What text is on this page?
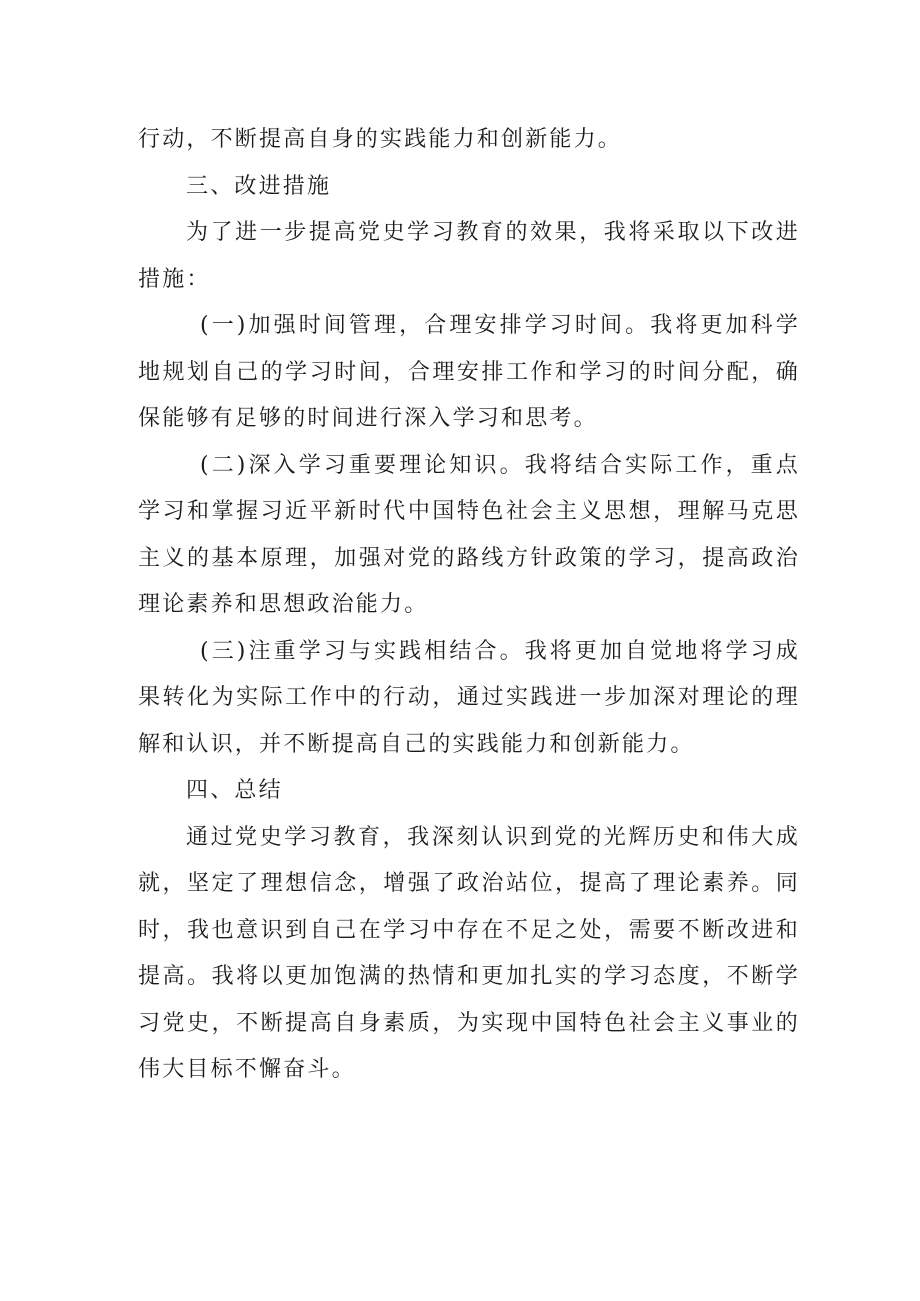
行动，不断提高自身的实践能力和创新能力。

三、改进措施

为了进一步提高党史学习教育的效果，我将采取以下改进措施：

(一)加强时间管理，合理安排学习时间。我将更加科学地规划自己的学习时间，合理安排工作和学习的时间分配，确保能够有足够的时间进行深入学习和思考。

(二)深入学习重要理论知识。我将结合实际工作，重点学习和掌握习近平新时代中国特色社会主义思想，理解马克思主义的基本原理，加强对党的路线方针政策的学习，提高政治理论素养和思想政治能力。

(三)注重学习与实践相结合。我将更加自觉地将学习成果转化为实际工作中的行动，通过实践进一步加深对理论的理解和认识，并不断提高自己的实践能力和创新能力。

四、总结

通过党史学习教育，我深刻认识到党的光辉历史和伟大成就，坚定了理想信念，增强了政治站位，提高了理论素养。同时，我也意识到自己在学习中存在不足之处，需要不断改进和提高。我将以更加饱满的热情和更加扎实的学习态度，不断学习党史，不断提高自身素质，为实现中国特色社会主义事业的伟大目标不懈奋斗。
